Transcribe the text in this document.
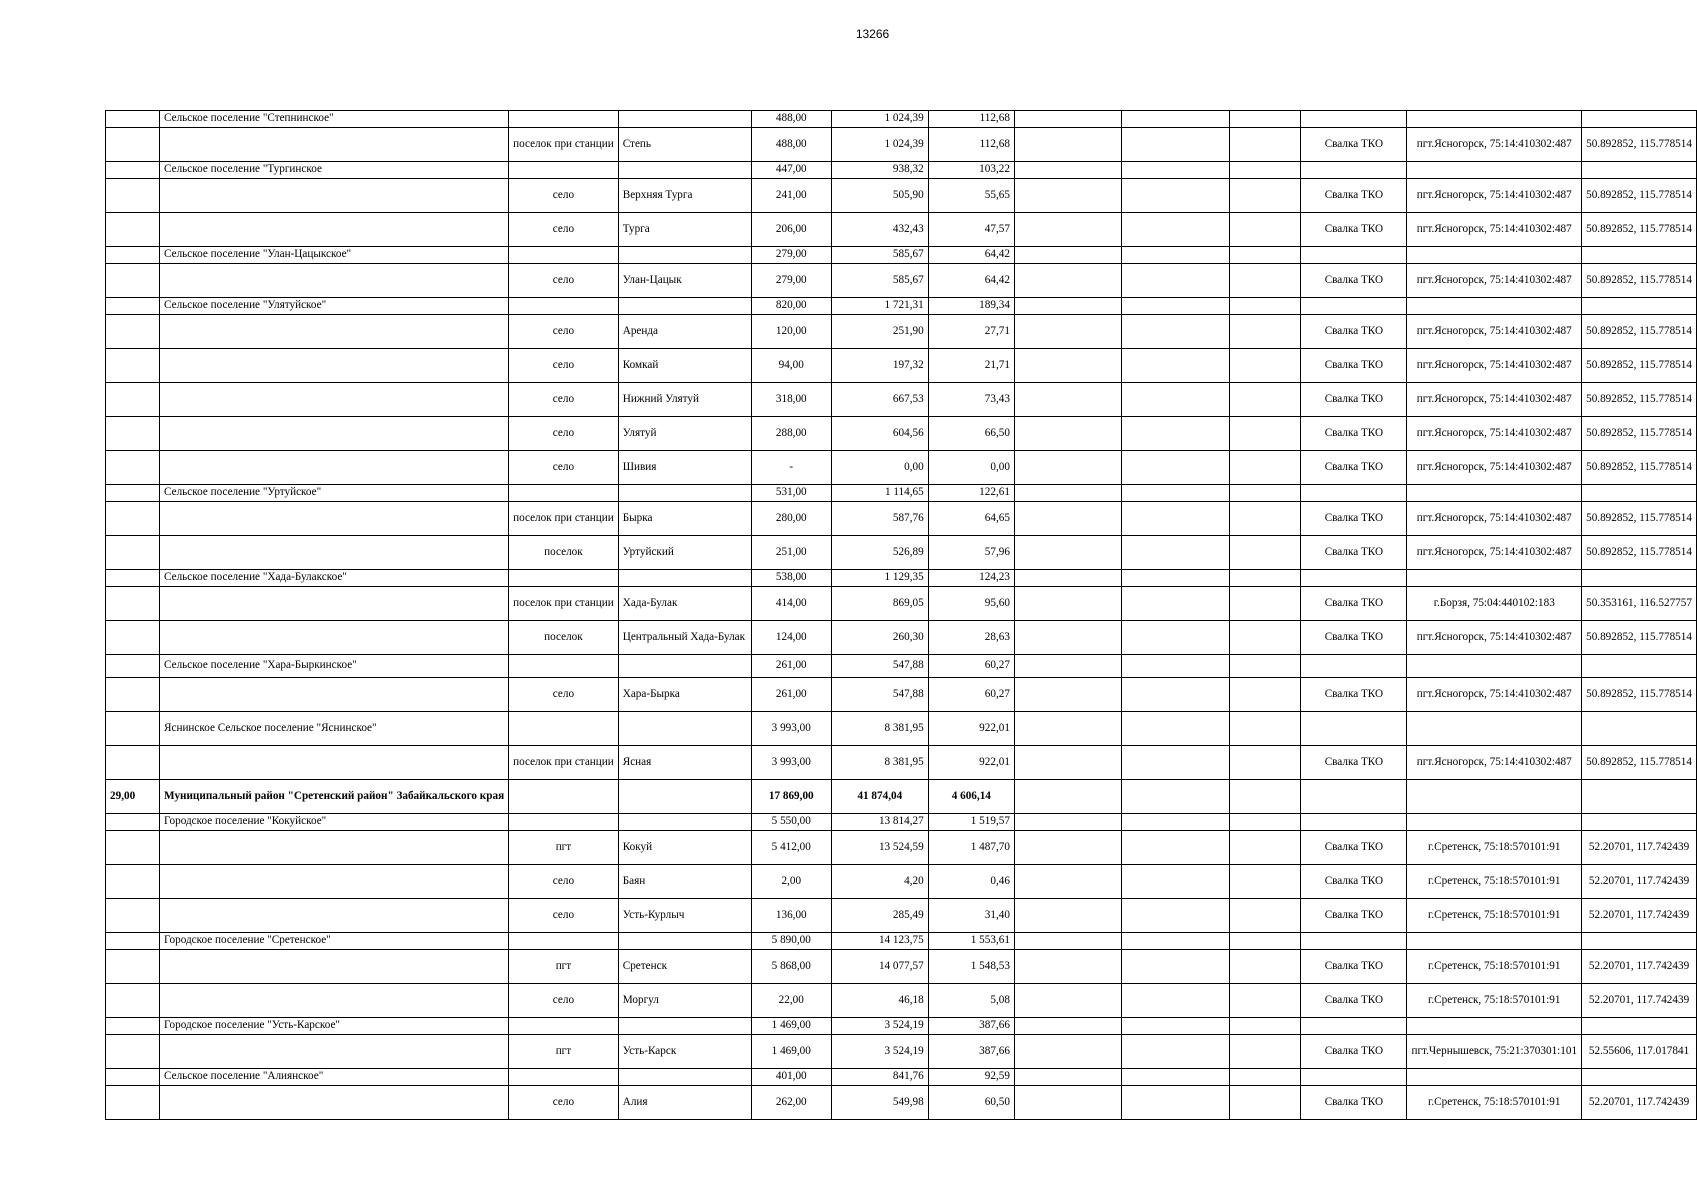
13266
	Сельское поселение "Степнинское"			488,00	1 024,39	112,68						
		поселок при станции	Степь	488,00	1 024,39	112,68				Свалка ТКО	пгт.Ясногорск, 75:14:410302:487	50.892852, 115.778514
	Сельское поселение "Тургинское			447,00	938,32	103,22						
		село	Верхняя Турга	241,00	505,90	55,65				Свалка ТКО	пгт.Ясногорск, 75:14:410302:487	50.892852, 115.778514
		село	Турга	206,00	432,43	47,57				Свалка ТКО	пгт.Ясногорск, 75:14:410302:487	50.892852, 115.778514
	Сельское поселение "Улан-Цацыкское"			279,00	585,67	64,42						
		село	Улан-Цацык	279,00	585,67	64,42				Свалка ТКО	пгт.Ясногорск, 75:14:410302:487	50.892852, 115.778514
	Сельское поселение "Улятуйское"			820,00	1 721,31	189,34						
		село	Аренда	120,00	251,90	27,71				Свалка ТКО	пгт.Ясногорск, 75:14:410302:487	50.892852, 115.778514
		село	Комкай	94,00	197,32	21,71				Свалка ТКО	пгт.Ясногорск, 75:14:410302:487	50.892852, 115.778514
		село	Нижний Улятуй	318,00	667,53	73,43				Свалка ТКО	пгт.Ясногорск, 75:14:410302:487	50.892852, 115.778514
		село	Улятуй	288,00	604,56	66,50				Свалка ТКО	пгт.Ясногорск, 75:14:410302:487	50.892852, 115.778514
		село	Шивия	-	0,00	0,00				Свалка ТКО	пгт.Ясногорск, 75:14:410302:487	50.892852, 115.778514
	Сельское поселение "Уртуйское"			531,00	1 114,65	122,61						
		поселок при станции	Бырка	280,00	587,76	64,65				Свалка ТКО	пгт.Ясногорск, 75:14:410302:487	50.892852, 115.778514
		поселок	Уртуйский	251,00	526,89	57,96				Свалка ТКО	пгт.Ясногорск, 75:14:410302:487	50.892852, 115.778514
	Сельское поселение "Хада-Булакское"			538,00	1 129,35	124,23						
		поселок при станции	Хада-Булак	414,00	869,05	95,60				Свалка ТКО	г.Борзя, 75:04:440102:183	50.353161, 116.527757
		поселок	Центральный Хада-Булак	124,00	260,30	28,63				Свалка ТКО	пгт.Ясногорск, 75:14:410302:487	50.892852, 115.778514
	Сельское поселение "Хара-Быркинское"			261,00	547,88	60,27						
		село	Хара-Бырка	261,00	547,88	60,27				Свалка ТКО	пгт.Ясногорск, 75:14:410302:487	50.892852, 115.778514
	Яснинское Сельское поселение "Яснинское"			3 993,00	8 381,95	922,01						
		поселок при станции	Ясная	3 993,00	8 381,95	922,01				Свалка ТКО	пгт.Ясногорск, 75:14:410302:487	50.892852, 115.778514
29,00	Муниципальный район "Сретенский район" Забайкальского края			17 869,00	41 874,04	4 606,14						
	Городское поселение "Кокуйское"			5 550,00	13 814,27	1 519,57						
		пгт	Кокуй	5 412,00	13 524,59	1 487,70				Свалка ТКО	г.Сретенск, 75:18:570101:91	52.20701, 117.742439
		село	Баян	2,00	4,20	0,46				Свалка ТКО	г.Сретенск, 75:18:570101:91	52.20701, 117.742439
		село	Усть-Курлыч	136,00	285,49	31,40				Свалка ТКО	г.Сретенск, 75:18:570101:91	52.20701, 117.742439
	Городское поселение "Сретенское"			5 890,00	14 123,75	1 553,61						
		пгт	Сретенск	5 868,00	14 077,57	1 548,53				Свалка ТКО	г.Сретенск, 75:18:570101:91	52.20701, 117.742439
		село	Моргул	22,00	46,18	5,08				Свалка ТКО	г.Сретенск, 75:18:570101:91	52.20701, 117.742439
	Городское поселение "Усть-Карское"			1 469,00	3 524,19	387,66						
		пгт	Усть-Карск	1 469,00	3 524,19	387,66				Свалка ТКО	пгт.Чернышевск, 75:21:370301:101	52.55606, 117.017841
	Сельское поселение "Алиянское"			401,00	841,76	92,59						
		село	Алия	262,00	549,98	60,50				Свалка ТКО	г.Сретенск, 75:18:570101:91	52.20701, 117.742439
